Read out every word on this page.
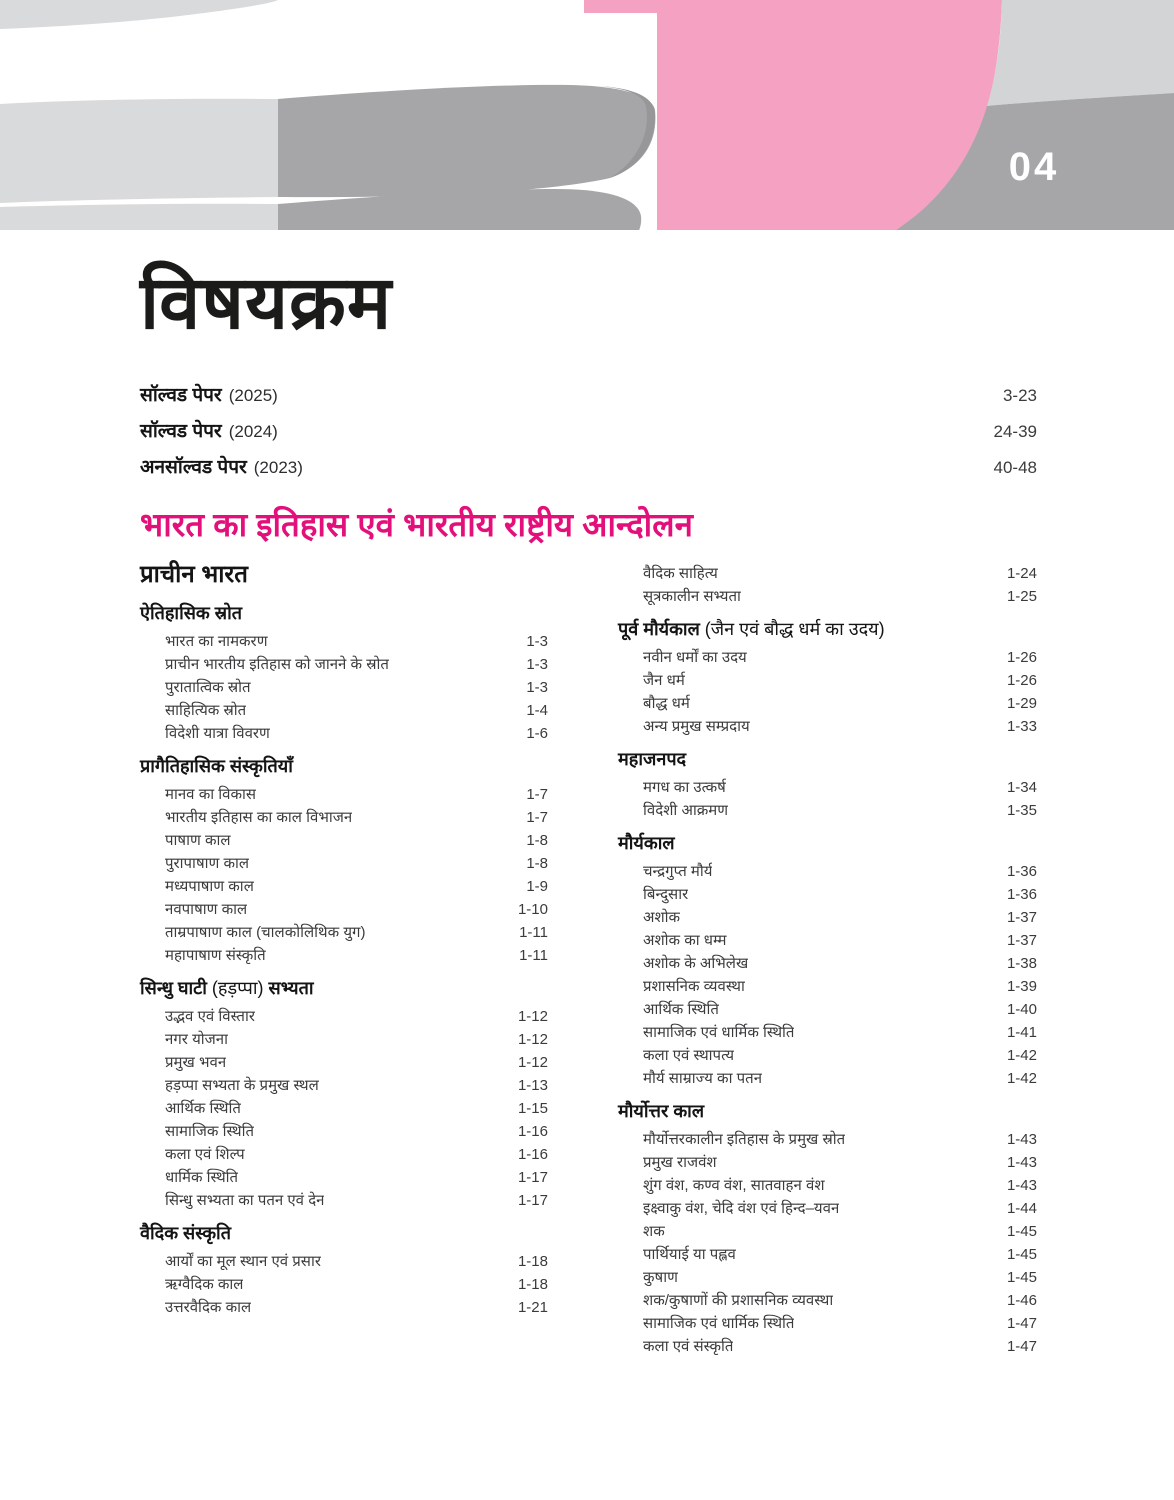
04
विषयक्रम
सॉल्वड पेपर (2025)	3-23
सॉल्वड पेपर (2024)	24-39
अनसॉल्वड पेपर (2023)	40-48
भारत का इतिहास एवं भारतीय राष्ट्रीय आन्दोलन
प्राचीन भारत
ऐतिहासिक स्रोत
भारत का नामकरण	1-3
प्राचीन भारतीय इतिहास को जानने के स्रोत	1-3
पुरातात्विक स्रोत	1-3
साहित्यिक स्रोत	1-4
विदेशी यात्रा विवरण	1-6
प्रागैतिहासिक संस्कृतियाँ
मानव का विकास	1-7
भारतीय इतिहास का काल विभाजन	1-7
पाषाण काल	1-8
पुरापाषाण काल	1-8
मध्यपाषाण काल	1-9
नवपाषाण काल	1-10
ताम्रपाषाण काल (चालकोलिथिक युग)	1-11
महापाषाण संस्कृति	1-11
सिन्धु घाटी (हड़प्पा) सभ्यता
उद्भव एवं विस्तार	1-12
नगर योजना	1-12
प्रमुख भवन	1-12
हड़प्पा सभ्यता के प्रमुख स्थल	1-13
आर्थिक स्थिति	1-15
सामाजिक स्थिति	1-16
कला एवं शिल्प	1-16
धार्मिक स्थिति	1-17
सिन्धु सभ्यता का पतन एवं देन	1-17
वैदिक संस्कृति
आर्यों का मूल स्थान एवं प्रसार	1-18
ऋग्वैदिक काल	1-18
उत्तरवैदिक काल	1-21
वैदिक साहित्य	1-24
सूत्रकालीन सभ्यता	1-25
पूर्व मौर्यकाल (जैन एवं बौद्ध धर्म का उदय)
नवीन धर्मों का उदय	1-26
जैन धर्म	1-26
बौद्ध धर्म	1-29
अन्य प्रमुख सम्प्रदाय	1-33
महाजनपद
मगध का उत्कर्ष	1-34
विदेशी आक्रमण	1-35
मौर्यकाल
चन्द्रगुप्त मौर्य	1-36
बिन्दुसार	1-36
अशोक	1-37
अशोक का धम्म	1-37
अशोक के अभिलेख	1-38
प्रशासनिक व्यवस्था	1-39
आर्थिक स्थिति	1-40
सामाजिक एवं धार्मिक स्थिति	1-41
कला एवं स्थापत्य	1-42
मौर्य साम्राज्य का पतन	1-42
मौर्योत्तर काल
मौर्योत्तरकालीन इतिहास के प्रमुख स्रोत	1-43
प्रमुख राजवंश	1-43
शुंग वंश, कण्व वंश, सातवाहन वंश	1-43
इक्ष्वाकु वंश, चेदि वंश एवं हिन्द–यवन	1-44
शक	1-45
पार्थियाई या पह्लव	1-45
कुषाण	1-45
शक/कुषाणों की प्रशासनिक व्यवस्था	1-46
सामाजिक एवं धार्मिक स्थिति	1-47
कला एवं संस्कृति	1-47
